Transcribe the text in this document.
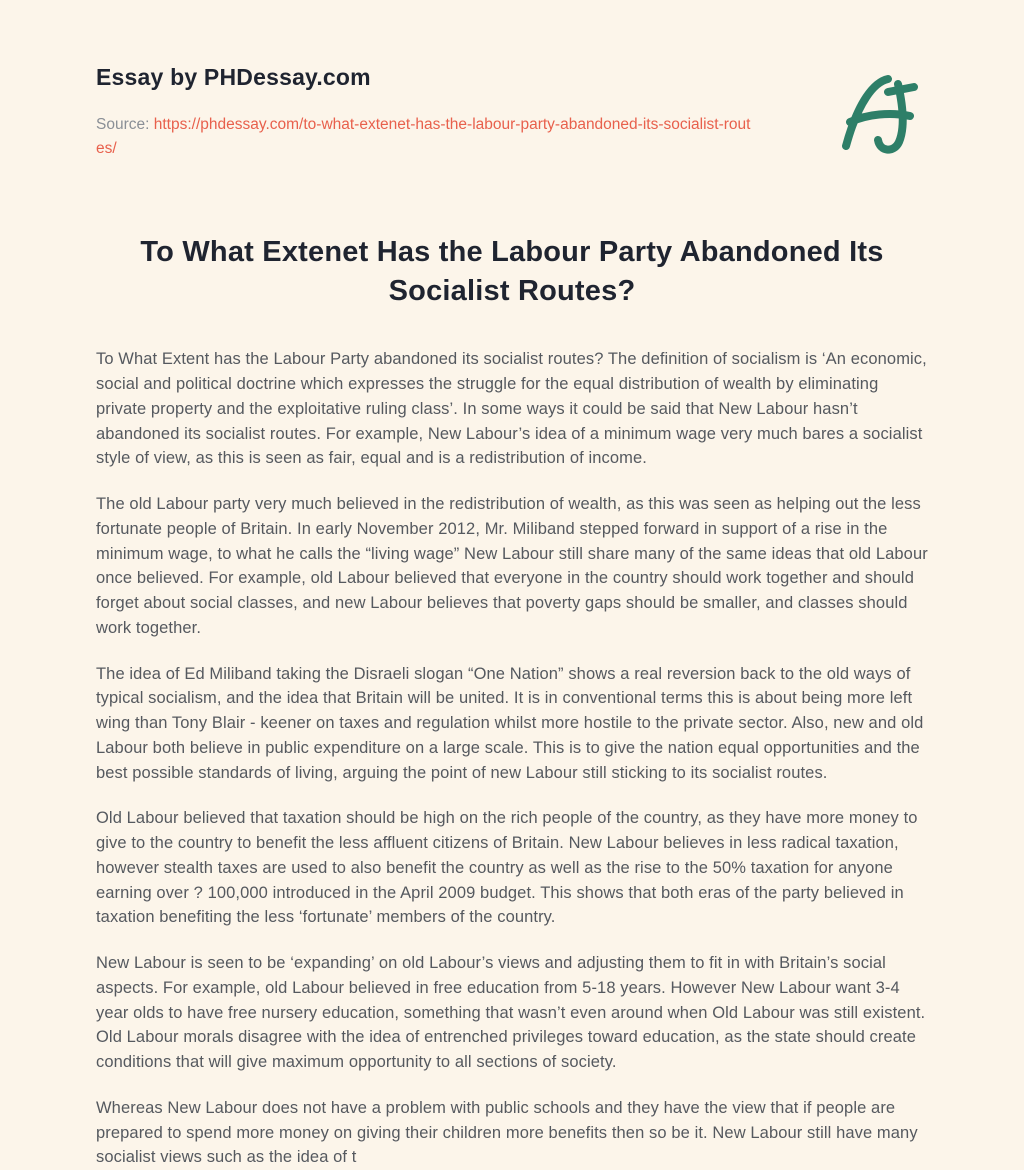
Essay by PHDessay.com
Source: https://phdessay.com/to-what-extenet-has-the-labour-party-abandoned-its-socialist-routes/
To What Extenet Has the Labour Party Abandoned Its Socialist Routes?

To What Extent has the Labour Party abandoned its socialist routes? The definition of socialism is ‘An economic, social and political doctrine which expresses the struggle for the equal distribution of wealth by eliminating private property and the exploitative ruling class’. In some ways it could be said that New Labour hasn’t abandoned its socialist routes. For example, New Labour’s idea of a minimum wage very much bares a socialist style of view, as this is seen as fair, equal and is a redistribution of income.

The old Labour party very much believed in the redistribution of wealth, as this was seen as helping out the less fortunate people of Britain. In early November 2012, Mr. Miliband stepped forward in support of a rise in the minimum wage, to what he calls the “living wage” New Labour still share many of the same ideas that old Labour once believed. For example, old Labour believed that everyone in the country should work together and should forget about social classes, and new Labour believes that poverty gaps should be smaller, and classes should work together.

The idea of Ed Miliband taking the Disraeli slogan “One Nation” shows a real reversion back to the old ways of typical socialism, and the idea that Britain will be united. It is in conventional terms this is about being more left wing than Tony Blair - keener on taxes and regulation whilst more hostile to the private sector. Also, new and old Labour both believe in public expenditure on a large scale. This is to give the nation equal opportunities and the best possible standards of living, arguing the point of new Labour still sticking to its socialist routes.

Old Labour believed that taxation should be high on the rich people of the country, as they have more money to give to the country to benefit the less affluent citizens of Britain. New Labour believes in less radical taxation, however stealth taxes are used to also benefit the country as well as the rise to the 50% taxation for anyone earning over ? 100,000 introduced in the April 2009 budget. This shows that both eras of the party believed in taxation benefiting the less ‘fortunate’ members of the country.

New Labour is seen to be ‘expanding’ on old Labour’s views and adjusting them to fit in with Britain’s social aspects. For example, old Labour believed in free education from 5-18 years. However New Labour want 3-4 year olds to have free nursery education, something that wasn’t even around when Old Labour was still existent. Old Labour morals disagree with the idea of entrenched privileges toward education, as the state should create conditions that will give maximum opportunity to all sections of society.

Whereas New Labour does not have a problem with public schools and they have the view that if people are prepared to spend more money on giving their children more benefits then so be it. New Labour still have many socialist views such as the idea of t
